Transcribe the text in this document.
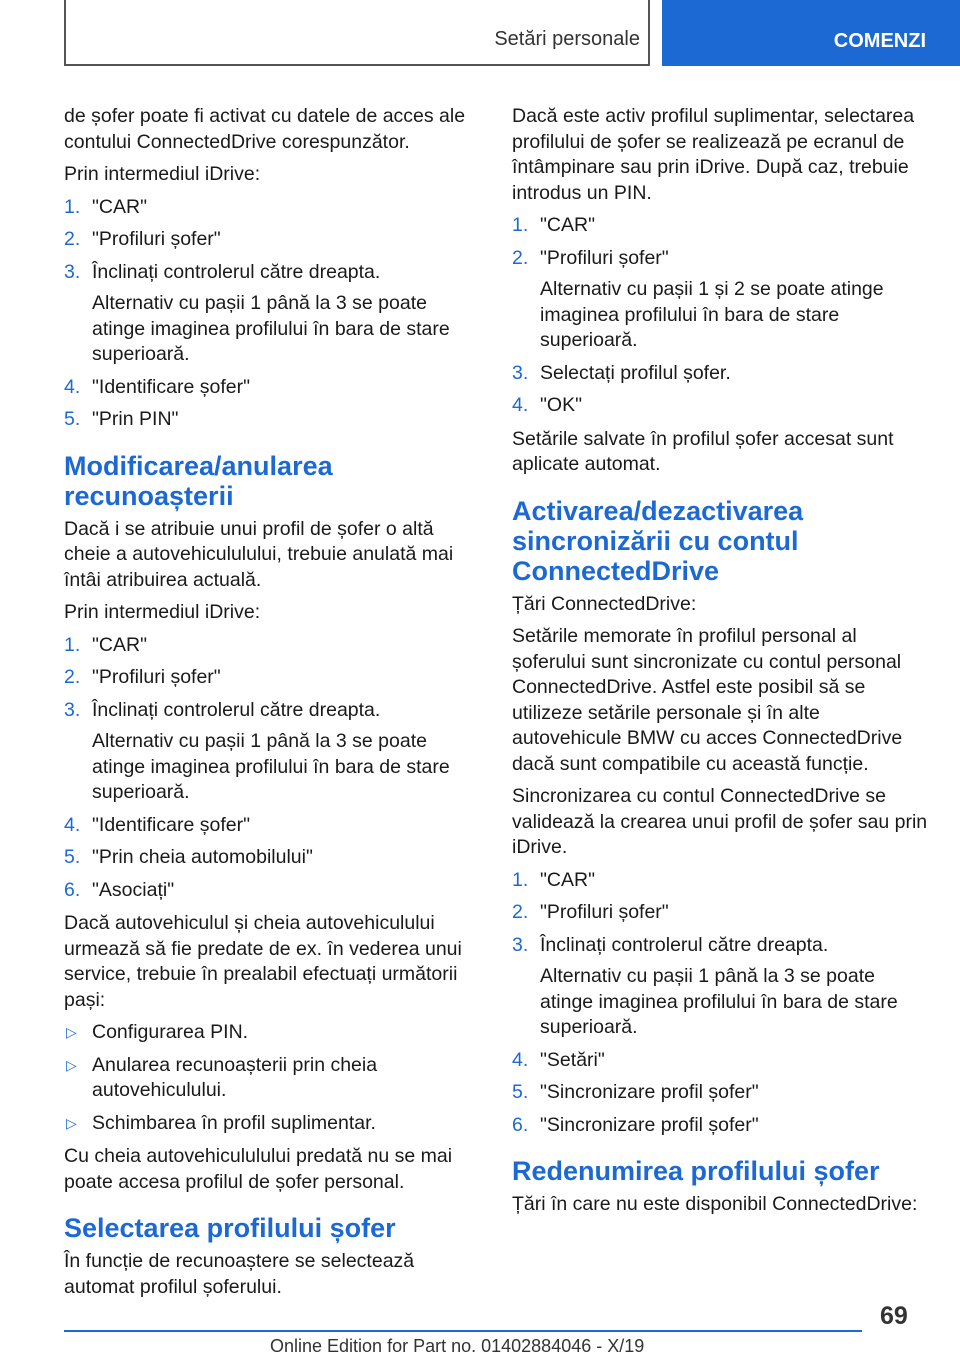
Setări personale	COMENZI

de șofer poate fi activat cu datele de acces ale contului ConnectedDrive corespunzător.

Prin intermediul iDrive:

1. "CAR"
2. "Profiluri șofer"
3. Înclinați controlerul către dreapta.
Alternativ cu pașii 1 până la 3 se poate atinge imaginea profilului în bara de stare superioară.
4. "Identificare șofer"
5. "Prin PIN"
Modificarea/anularea recunoașterii

Dacă i se atribuie unui profil de șofer o altă cheie a autovehicululului, trebuie anulată mai întâi atribuirea actuală.

Prin intermediul iDrive:

1. "CAR"
2. "Profiluri șofer"
3. Înclinați controlerul către dreapta.
Alternativ cu pașii 1 până la 3 se poate atinge imaginea profilului în bara de stare superioară.
4. "Identificare șofer"
5. "Prin cheia automobilului"
6. "Asociați"

Dacă autovehiculul și cheia autovehiculului urmează să fie predate de ex. în vederea unui service, trebuie în prealabil efectuați următorii pași:

▷ Configurarea PIN.
▷ Anularea recunoașterii prin cheia autovehiculului.
▷ Schimbarea în profil suplimentar.

Cu cheia autovehicululului predată nu se mai poate accesa profilul de șofer personal.

Selectarea profilului șofer

În funcție de recunoaștere se selectează automat profilul șoferului.

Dacă este activ profilul suplimentar, selectarea profilului de șofer se realizează pe ecranul de întâmpinare sau prin iDrive. După caz, trebuie introdus un PIN.

1. "CAR"
2. "Profiluri șofer"
Alternativ cu pașii 1 și 2 se poate atinge imaginea profilului în bara de stare superioară.
3. Selectați profilul șofer.
4. "OK"

Setările salvate în profilul șofer accesat sunt aplicate automat.

Activarea/dezactivarea sincronizării cu contul ConnectedDrive

Țări ConnectedDrive:

Setările memorate în profilul personal al șoferului sunt sincronizate cu contul personal ConnectedDrive. Astfel este posibil să se utilizeze setările personale și în alte autovehicule BMW cu acces ConnectedDrive dacă sunt compatibile cu această funcție.

Sincronizarea cu contul ConnectedDrive se validează la crearea unui profil de șofer sau prin iDrive.

1. "CAR"
2. "Profiluri șofer"
3. Înclinați controlerul către dreapta.
Alternativ cu pașii 1 până la 3 se poate atinge imaginea profilului în bara de stare superioară.
4. "Setări"
5. "Sincronizare profil șofer"
6. "Sincronizare profil șofer"
Redenumirea profilului șofer

Țări în care nu este disponibil ConnectedDrive:

69
Online Edition for Part no. 01402884046 - X/19
